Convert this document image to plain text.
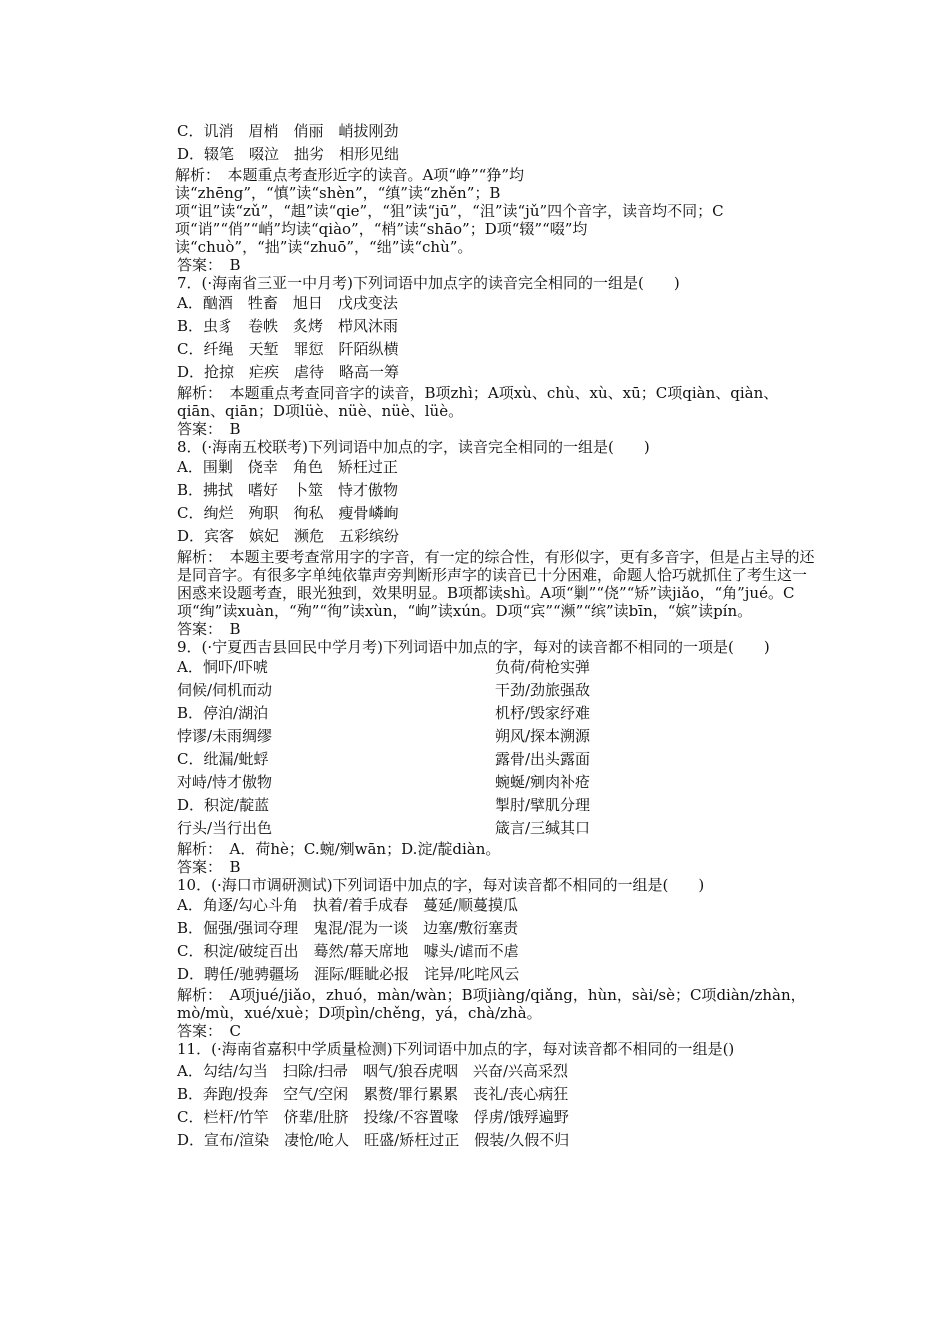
C．讥消　眉梢　俏丽　峭拔刚劲
D．辍笔　啜泣　拙劣　相形见绌
解析：　本题重点考查形近字的读音。A项“峥”“狰”均读“zhēng”，“慎”读“shèn”，“缜”读“zhěn”；B项“诅”读“zǔ”，“趄”读“qie”，“狙”读“jū”，“沮”读“jǔ”四个音字，读音均不同；C项“诮”“俏”“峭”均读“qiào”，“梢”读“shāo”；D项“辍”“啜”均读“chuò”，“拙”读“zhuō”，“绌”读“chù”。
答案：　B
7．(·海南省三亚一中月考)下列词语中加点字的读音完全相同的一组是(　　)
A．酗酒　牲畜　旭日　戊戌变法
B．虫豸　卷帙　炙烤　栉风沐雨
C．纤绳　天堑　罪愆　阡陌纵横
D．抢掠　疟疾　虐待　略高一筹
解析：　本题重点考查同音字的读音，B项zhì；A项xù、chù、xù、xū；C项qiàn、qiàn、qiān、qiān；D项lüè、nüè、nüè、lüè。
答案：　B
8．(·海南五校联考)下列词语中加点的字，读音完全相同的一组是(　　)
A．围剿　侥幸　角色　矫枉过正
B．拂拭　嗜好　卜筮　恃才傲物
C．绚烂　殉职　徇私　瘦骨嶙峋
D．宾客　嫔妃　濒危　五彩缤纷
解析：　本题主要考查常用字的字音，有一定的综合性，有形似字，更有多音字，但是占主导的还是同音字。有很多字单纯依靠声旁判断形声字的读音已十分困难，命题人恰巧就抓住了考生这一困惑来设题考查，眼光独到，效果明显。B项都读shì。A项“剿”“侥”“矫”读jiǎo，“角”jué。C项“绚”读xuàn，“殉”“徇”读xùn，“峋”读xún。D项“宾”“濒”“缤”读bīn，“嫔”读pín。
答案：　B
9．(·宁夏西吉县回民中学月考)下列词语中加点的字，每对的读音都不相同的一项是(　　)
A．恫吓/吓唬	负荷/荷枪实弹
伺候/伺机而动	干劲/劲旅强敌
B．停泊/湖泊	机杼/毁家纾难
悖谬/未雨绸缪	朔风/探本溯源
C．纰漏/蚍蜉	露骨/出头露面
对峙/恃才傲物	蜿蜒/剜肉补疮
D．积淀/靛蓝	掣肘/擘肌分理
行头/当行出色	箴言/三缄其口
解析：　A．荷hè；C.蜿/剜wān；D.淀/靛diàn。
答案：　B
10．(·海口市调研测试)下列词语中加点的字，每对读音都不相同的一组是(　　)
A．角逐/勾心斗角　执着/着手成春　蔓延/顺蔓摸瓜
B．倔强/强词夺理　鬼混/混为一谈　边塞/敷衍塞责
C．积淀/破绽百出　蓦然/幕天席地　噱头/谑而不虐
D．聘任/驰骋疆场　涯际/睚眦必报　诧异/叱咤风云
解析：　A项jué/jiǎo，zhuó，màn/wàn；B项jiàng/qiǎng，hùn，sài/sè；C项diàn/zhàn，mò/mù，xué/xuè；D项pìn/chěng，yá，chà/zhà。
答案：　C
11．(·海南省嘉积中学质量检测)下列词语中加点的字，每对读音都不相同的一组是()
A．勾结/勾当　扫除/扫帚　咽气/狼吞虎咽　兴奋/兴高采烈
B．奔跑/投奔　空气/空闲　累赘/罪行累累　丧礼/丧心病狂
C．栏杆/竹竿　侪辈/肚脐　投缘/不容置喙　俘虏/饿殍遍野
D．宣布/渲染　凄怆/呛人　旺盛/矫枉过正　假装/久假不归
